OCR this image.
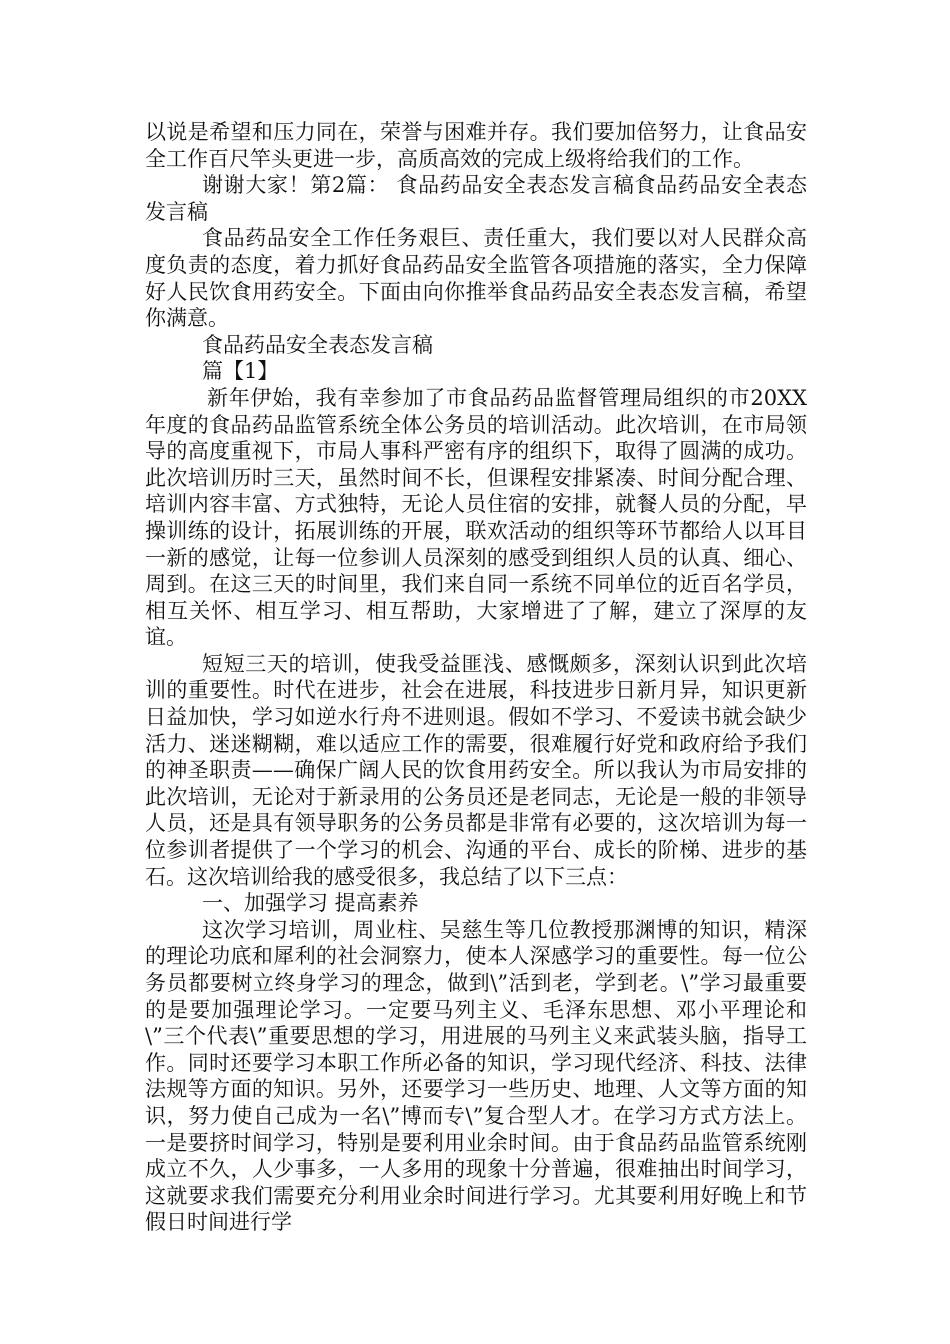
以说是希望和压力同在，荣誉与困难并存。我们要加倍努力，让食品安全工作百尺竿头更进一步，高质高效的完成上级将给我们的工作。

谢谢大家！第2篇： 食品药品安全表态发言稿食品药品安全表态发言稿

食品药品安全工作任务艰巨、责任重大，我们要以对人民群众高度负责的态度，着力抓好食品药品安全监管各项措施的落实，全力保障好人民饮食用药安全。下面由向你推举食品药品安全表态发言稿，希望你满意。

食品药品安全表态发言稿

篇【1】

新年伊始，我有幸参加了市食品药品监督管理局组织的市20XX年度的食品药品监管系统全体公务员的培训活动。此次培训，在市局领导的高度重视下，市局人事科严密有序的组织下，取得了圆满的成功。此次培训历时三天，虽然时间不长，但课程安排紧凑、时间分配合理、培训内容丰富、方式独特，无论人员住宿的安排，就餐人员的分配，早操训练的设计，拓展训练的开展，联欢活动的组织等环节都给人以耳目一新的感觉，让每一位参训人员深刻的感受到组织人员的认真、细心、周到。在这三天的时间里，我们来自同一系统不同单位的近百名学员，相互关怀、相互学习、相互帮助，大家增进了了解，建立了深厚的友谊。

短短三天的培训，使我受益匪浅、感慨颇多，深刻认识到此次培训的重要性。时代在进步，社会在进展，科技进步日新月异，知识更新日益加快，学习如逆水行舟不进则退。假如不学习、不爱读书就会缺少活力、迷迷糊糊，难以适应工作的需要，很难履行好党和政府给予我们的神圣职责——确保广阔人民的饮食用药安全。所以我认为市局安排的此次培训，无论对于新录用的公务员还是老同志，无论是一般的非领导人员，还是具有领导职务的公务员都是非常有必要的，这次培训为每一位参训者提供了一个学习的机会、沟通的平台、成长的阶梯、进步的基石。这次培训给我的感受很多，我总结了以下三点：

一、加强学习 提高素养

这次学习培训，周业柱、吴慈生等几位教授那渊博的知识，精深的理论功底和犀利的社会洞察力，使本人深感学习的重要性。每一位公务员都要树立终身学习的理念，做到\”活到老，学到老。\”学习最重要的是要加强理论学习。一定要马列主义、毛泽东思想、邓小平理论和\”三个代表\”重要思想的学习，用进展的马列主义来武装头脑，指导工作。同时还要学习本职工作所必备的知识，学习现代经济、科技、法律法规等方面的知识。另外，还要学习一些历史、地理、人文等方面的知识，努力使自己成为一名\”博而专\”复合型人才。在学习方式方法上。一是要挤时间学习，特别是要利用业余时间。由于食品药品监管系统刚成立不久，人少事多，一人多用的现象十分普遍，很难抽出时间学习，这就要求我们需要充分利用业余时间进行学习。尤其要利用好晚上和节假日时间进行学
